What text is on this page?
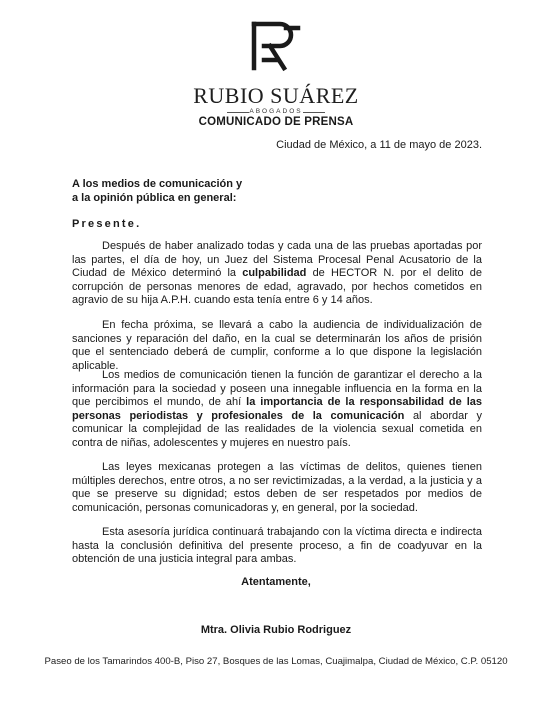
RUBIO SUÁREZ
ABOGADOS
COMUNICADO DE PRENSA
Ciudad de México, a 11 de mayo de 2023.
A los medios de comunicación y
a la opinión pública en general:
Presente.

Después de haber analizado todas y cada una de las pruebas aportadas por las partes, el día de hoy, un Juez del Sistema Procesal Penal Acusatorio de la Ciudad de México determinó la culpabilidad de HECTOR N. por el delito de corrupción de personas menores de edad, agravado, por hechos cometidos en agravio de su hija A.P.H. cuando esta tenía entre 6 y 14 años.

En fecha próxima, se llevará a cabo la audiencia de individualización de sanciones y reparación del daño, en la cual se determinarán los años de prisión que el sentenciado deberá de cumplir, conforme a lo que dispone la legislación aplicable.

Los medios de comunicación tienen la función de garantizar el derecho a la información para la sociedad y poseen una innegable influencia en la forma en la que percibimos el mundo, de ahí la importancia de la responsabilidad de las personas periodistas y profesionales de la comunicación al abordar y comunicar la complejidad de las realidades de la violencia sexual cometida en contra de niñas, adolescentes y mujeres en nuestro país.

Las leyes mexicanas protegen a las víctimas de delitos, quienes tienen múltiples derechos, entre otros, a no ser revictimizadas, a la verdad, a la justicia y a que se preserve su dignidad; estos deben de ser respetados por medios de comunicación, personas comunicadoras y, en general, por la sociedad.

Esta asesoría jurídica continuará trabajando con la víctima directa e indirecta hasta la conclusión definitiva del presente proceso, a fin de coadyuvar en la obtención de una justicia integral para ambas.

Atentamente,
Mtra. Olivia Rubio Rodriguez
Paseo de los Tamarindos 400-B, Piso 27, Bosques de las Lomas, Cuajimalpa, Ciudad de México, C.P. 05120
